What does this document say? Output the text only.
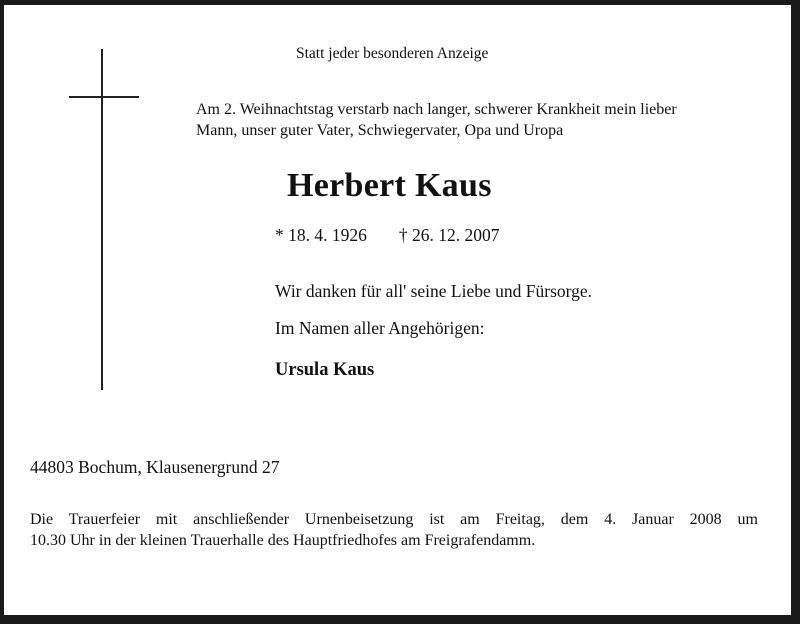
Statt jeder besonderen Anzeige
Am 2. Weihnachtstag verstarb nach langer, schwerer Krankheit mein lieber
Mann, unser guter Vater, Schwiegervater, Opa und Uropa
Herbert Kaus
* 18. 4. 1926 † 26. 12. 2007
Wir danken für all' seine Liebe und Fürsorge.
Im Namen aller Angehörigen:
Ursula Kaus
44803 Bochum, Klausenergrund 27
Die Trauerfeier mit anschließender Urnenbeisetzung ist am Freitag, dem 4. Januar 2008 um
10.30 Uhr in der kleinen Trauerhalle des Hauptfriedhofes am Freigrafendamm.
